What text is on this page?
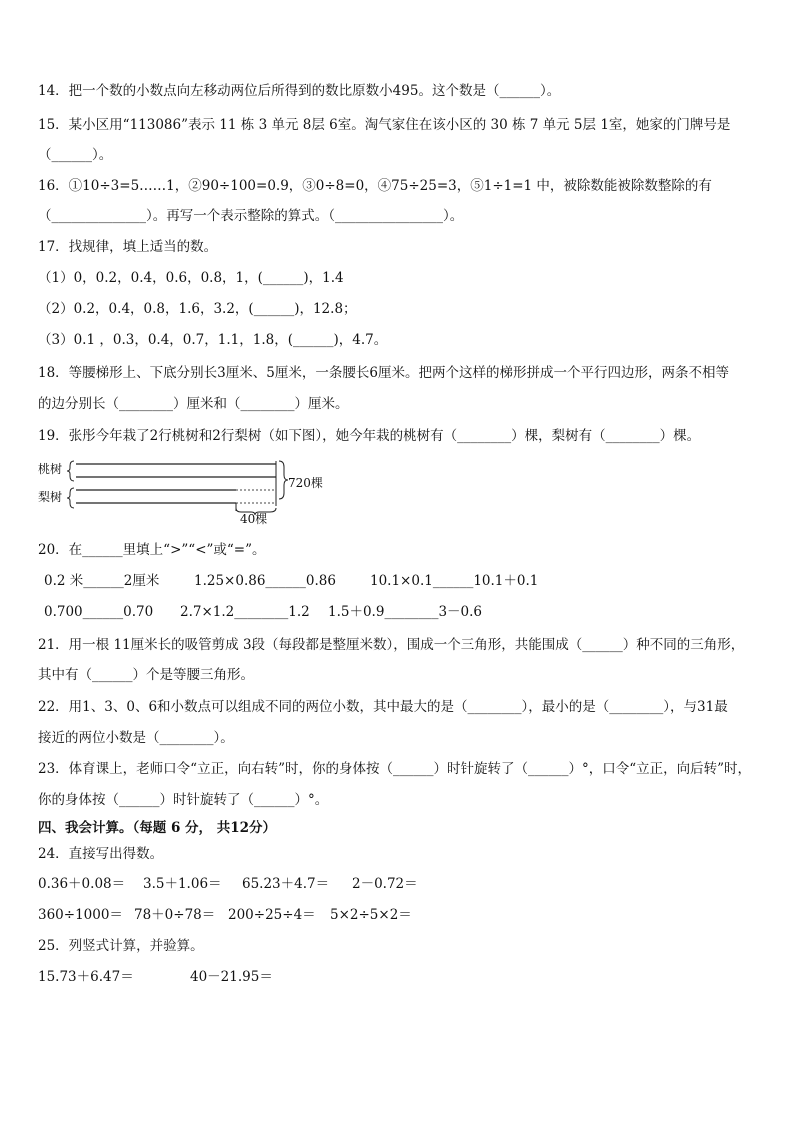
14．把一个数的小数点向左移动两位后所得到的数比原数小495。这个数是（______）。
15．某小区用“113086”表示 11 栋 3 单元 8层 6室。淘气家住在该小区的 30 栋 7 单元 5层 1室，她家的门牌号是
（______）。
16．①10÷3=5……1，②90÷100=0.9，③0÷8=0，④75÷25=3，⑤1÷1=1 中，被除数能被除数整除的有
（______________）。再写一个表示整除的算式。（________________）。
17．找规律，填上适当的数。
（1）0，0.2，0.4，0.6，0.8，1，(______)，1.4
（2）0.2，0.4，0.8，1.6，3.2，(______)，12.8；
（3）0.1 ，0.3，0.4，0.7，1.1，1.8，(______)，4.7。
18．等腰梯形上、下底分别长3厘米、5厘米，一条腰长6厘米。把两个这样的梯形拼成一个平行四边形，两条不相等
的边分别长（________）厘米和（________）厘米。
19．张彤今年栽了2行桃树和2行梨树（如下图），她今年栽的桃树有（________）棵，梨树有（________）棵。
桃树
梨树
720棵
40棵
20．在______里填上“>”“<”或“=”。
0.2 米______2厘米	1.25×0.86______0.86	10.1×0.1______10.1＋0.1
0.700______0.70 2.7×1.2________1.2 1.5＋0.9________3－0.6
21．用一根 11厘米长的吸管剪成 3段（每段都是整厘米数），围成一个三角形，共能围成（______）种不同的三角形，
其中有（______）个是等腰三角形。
22．用1、3、0、6和小数点可以组成不同的两位小数，其中最大的是（________），最小的是（________），与31最
接近的两位小数是（________）。
23．体育课上，老师口令“立正，向右转”时，你的身体按（______）时针旋转了（______）°，口令“立正，向后转”时，
你的身体按（______）时针旋转了（______）°。
四、我会计算。（每题 6 分， 共12分）
24．直接写出得数。
0.36＋0.08＝ 3.5＋1.06＝ 65.23＋4.7＝ 2－0.72＝
360÷1000＝ 78＋0÷78＝ 200÷25÷4＝ 5×2÷5×2＝
25．列竖式计算，并验算。
15.73＋6.47＝	40－21.95＝
